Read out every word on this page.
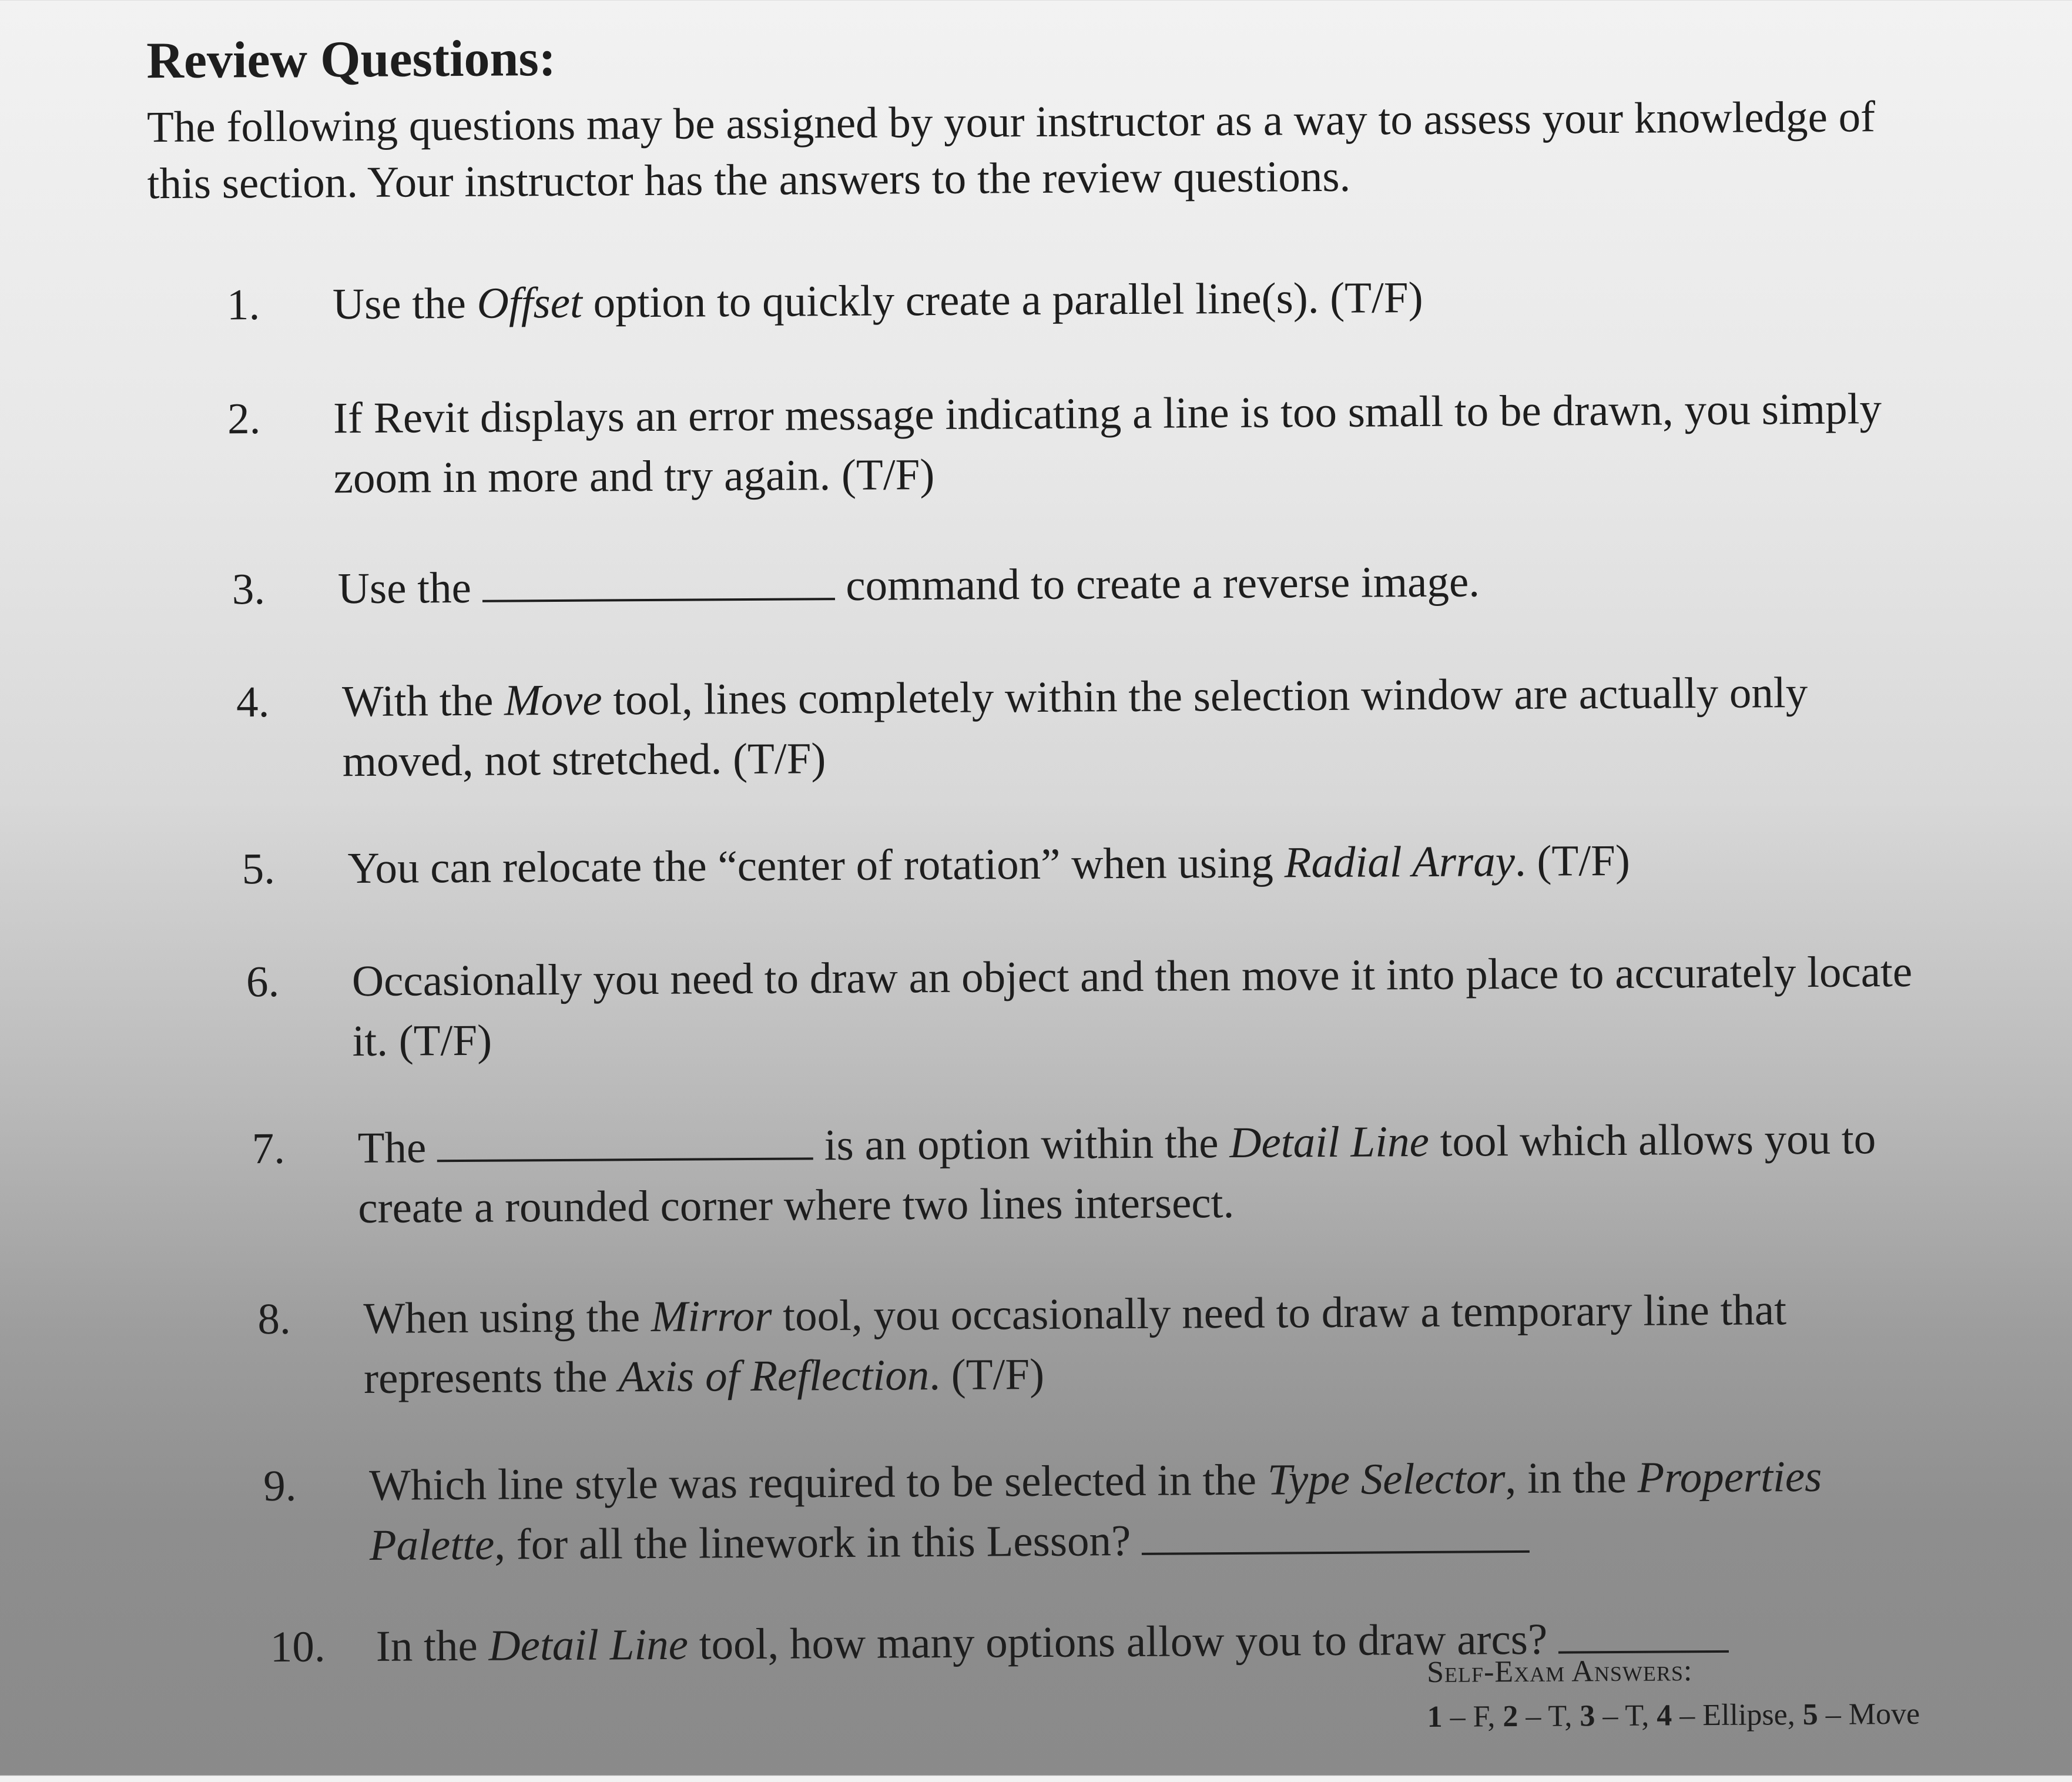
Review Questions:

The following questions may be assigned by your instructor as a way to assess your knowledge of this section. Your instructor has the answers to the review questions.

1.	Use the Offset option to quickly create a parallel line(s). (T/F)
2.	If Revit displays an error message indicating a line is too small to be drawn, you simply zoom in more and try again. (T/F)
3.	Use the	command to create a reverse image.
4.	With the Move tool, lines completely within the selection window are actually only moved, not stretched. (T/F)
5.	You can relocate the “center of rotation” when using Radial Array. (T/F)
6.	Occasionally you need to draw an object and then move it into place to accurately locate it. (T/F)
7.	The	is an option within the Detail Line tool which allows you to create a rounded corner where two lines intersect.
8.	When using the Mirror tool, you occasionally need to draw a temporary line that represents the Axis of Reflection. (T/F)
9.	Which line style was required to be selected in the Type Selector, in the Properties Palette, for all the linework in this Lesson?
10.	In the Detail Line tool, how many options allow you to draw arcs?
Self-Exam Answers:
1 – F, 2 – T, 3 – T, 4 – Ellipse, 5 – Move
